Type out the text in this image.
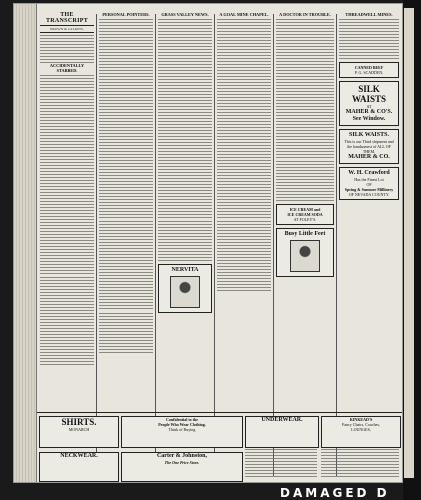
THE TRANSCRIPT
BROWN & CALKINS,
ACCIDENTALLY STABBED.
PERSONAL POINTERS.	GRASS VALLEY NEWS.
NERVITA
A GOAL MINE CHAPEL.	A DOCTOR IN TROUBLE.
ICE CREAM and
ICE CREAM SODA
AT FOLEY'S.
Busy Little Feet
THREADWELL MINES.
CANNED BEEF
P. G. SCADDEN,
SILK
WAISTS
AT
MAHER & CO'S.
See Window.
SILK WAISTS.
This is our Third shipment and the handsomest of ALL OF THEM.
MAHER & CO.
W. H. Crawford
Has the Finest Lot
OF
Spring & Summer Millinery
OF NEVADA COUNTY.
SHIRTS.
MONARCH
Confidential to the
People Who Wear Clothing.
Think of Buying
UNDERWEAR.	KINKEAD'S
Fancy Chairs, Couches,
LOUNGES,
NECKWEAR.	Carter & Johnston,
The One Price Store.
DAMAGED D
